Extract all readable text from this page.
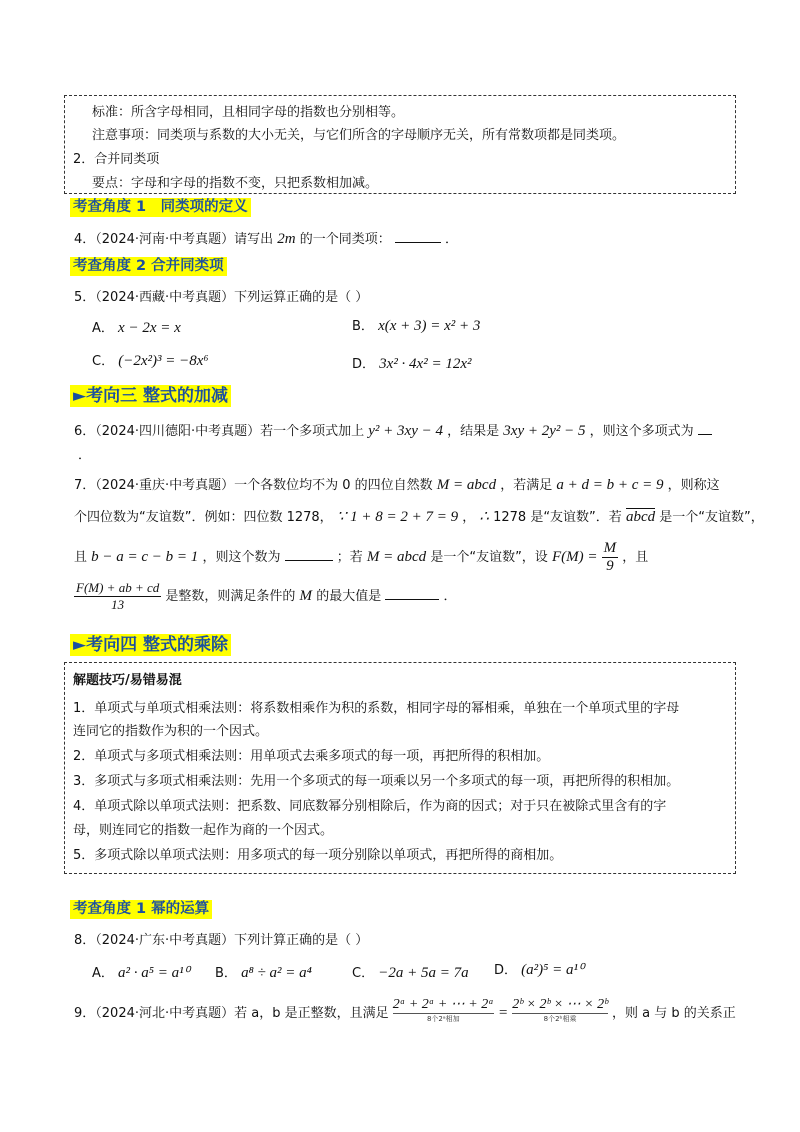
标准：所含字母相同，且相同字母的指数也分别相等。
注意事项：同类项与系数的大小无关，与它们所含的字母顺序无关，所有常数项都是同类项。
2．合并同类项
要点：字母和字母的指数不变，只把系数相加减。
考查角度 1　同类项的定义
4．（2024·河南·中考真题）请写出 2m 的一个同类项：	．
考查角度 2 合并同类项
5．（2024·西藏·中考真题）下列运算正确的是（ ）
A． x − 2x = x	B． x(x + 3) = x² + 3
C． (−2x²)³ = −8x⁶	D． 3x² · 4x² = 12x²
►考向三 整式的加减
6．（2024·四川德阳·中考真题）若一个多项式加上 y² + 3xy − 4 ，结果是 3xy + 2y² − 5 ，则这个多项式为
．
7．（2024·重庆·中考真题）一个各数位均不为 0 的四位自然数 M = abcd ，若满足 a + d = b + c = 9 ，则称这
个四位数为“友谊数”．例如：四位数 1278， ∵ 1 + 8 = 2 + 7 = 9 ， ∴ 1278 是“友谊数”．若 abcd 是一个“友谊数”，
且 b − a = c − b = 1 ，则这个数为	；若 M = abcd 是一个“友谊数”，设 $F(M) = \frac{M}{9}$ ，且
$\frac{F(M) + ab + cd}{13}$ 是整数，则满足条件的 M 的最大值是	．
►考向四 整式的乘除
解题技巧/易错易混
1．单项式与单项式相乘法则：将系数相乘作为积的系数，相同字母的幂相乘，单独在一个单项式里的字母
连同它的指数作为积的一个因式。
2．单项式与多项式相乘法则：用单项式去乘多项式的每一项，再把所得的积相加。
3．多项式与多项式相乘法则：先用一个多项式的每一项乘以另一个多项式的每一项，再把所得的积相加。
4．单项式除以单项式法则：把系数、同底数幂分别相除后，作为商的因式；对于只在被除式里含有的字
母，则连同它的指数一起作为商的一个因式。
5．多项式除以单项式法则：用多项式的每一项分别除以单项式，再把所得的商相加。
考查角度 1 幂的运算
8．（2024·广东·中考真题）下列计算正确的是（ ）
A． a² · a⁵ = a¹⁰ B． a⁸ ÷ a² = a⁴	C． −2a + 5a = 7a D． (a²)⁵ = a¹⁰
9．（2024·河北·中考真题）若 a，b 是正整数，且满足
2ᵃ + 2ᵃ + ⋯ + 2ᵃ
8个2ᵃ相加	=
2ᵇ × 2ᵇ × ⋯ × 2ᵇ
8个2ᵇ相乘	，则 a 与 b 的关系正
